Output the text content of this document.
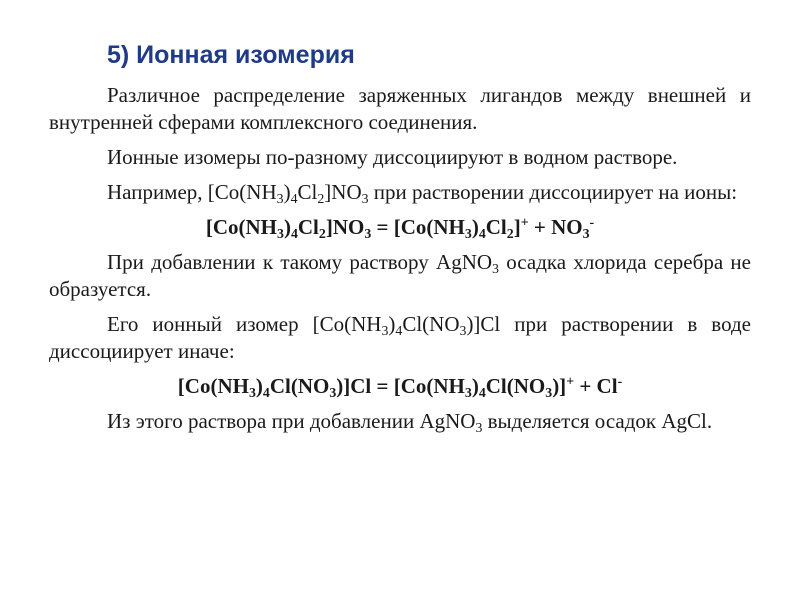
5) Ионная изомерия

Различное распределение заряженных лигандов между внешней и внутренней сферами комплексного соединения.

Ионные изомеры по-разному диссоциируют в водном растворе.

Например, $[Co(NH_3)_4Cl_2]NO_3$ при растворении диссоциирует на ионы:

$[Co(NH_3)_4Cl_2]NO_3 = [Co(NH_3)_4Cl_2]^+ + NO_3^-$

При добавлении к такому раствору AgNO$_3$ осадка хлорида серебра не образуется.

Его ионный изомер $[Co(NH_3)_4Cl(NO_3)]Cl$ при растворении в воде диссоциирует иначе:

$[Co(NH_3)_4Cl(NO_3)]Cl = [Co(NH_3)_4Cl(NO_3)]^+ + Cl^-$

Из этого раствора при добавлении AgNO$_3$ выделяется осадок AgCl.
